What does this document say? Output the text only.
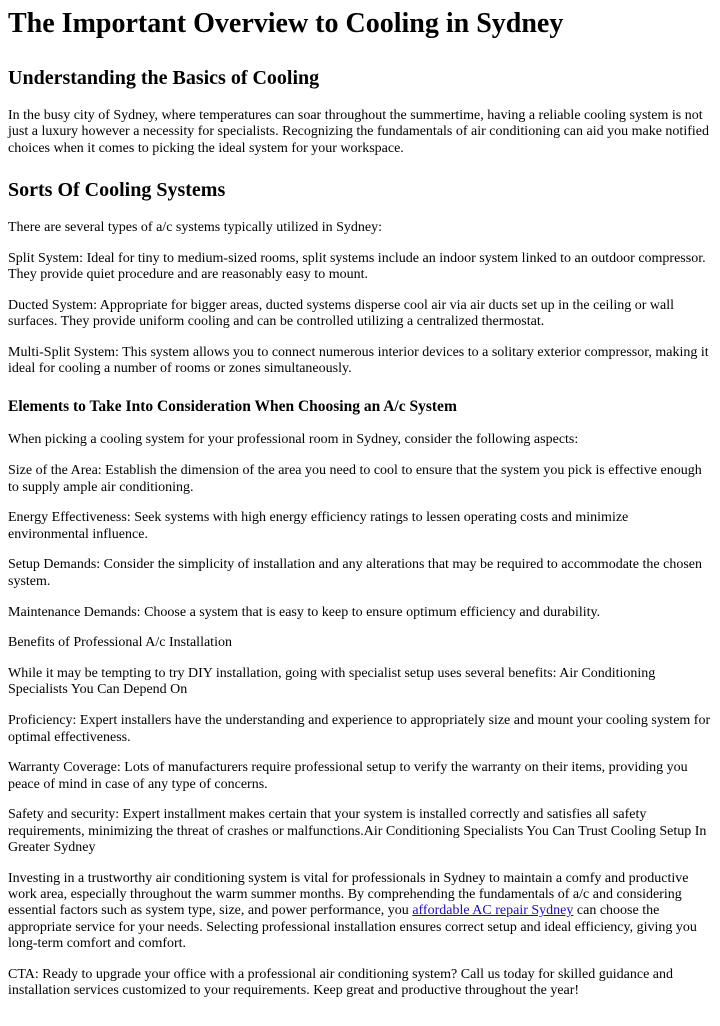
The Important Overview to Cooling in Sydney
Understanding the Basics of Cooling

In the busy city of Sydney, where temperatures can soar throughout the summertime, having a reliable cooling system is not just a luxury however a necessity for specialists. Recognizing the fundamentals of air conditioning can aid you make notified choices when it comes to picking the ideal system for your workspace.

Sorts Of Cooling Systems

There are several types of a/c systems typically utilized in Sydney:

Split System: Ideal for tiny to medium-sized rooms, split systems include an indoor system linked to an outdoor compressor. They provide quiet procedure and are reasonably easy to mount.

Ducted System: Appropriate for bigger areas, ducted systems disperse cool air via air ducts set up in the ceiling or wall surfaces. They provide uniform cooling and can be controlled utilizing a centralized thermostat.

Multi-Split System: This system allows you to connect numerous interior devices to a solitary exterior compressor, making it ideal for cooling a number of rooms or zones simultaneously.

Elements to Take Into Consideration When Choosing an A/c System

When picking a cooling system for your professional room in Sydney, consider the following aspects:

Size of the Area: Establish the dimension of the area you need to cool to ensure that the system you pick is effective enough to supply ample air conditioning.

Energy Effectiveness: Seek systems with high energy efficiency ratings to lessen operating costs and minimize environmental influence.

Setup Demands: Consider the simplicity of installation and any alterations that may be required to accommodate the chosen system.

Maintenance Demands: Choose a system that is easy to keep to ensure optimum efficiency and durability.

Benefits of Professional A/c Installation

While it may be tempting to try DIY installation, going with specialist setup uses several benefits: Air Conditioning Specialists You Can Depend On

Proficiency: Expert installers have the understanding and experience to appropriately size and mount your cooling system for optimal effectiveness.

Warranty Coverage: Lots of manufacturers require professional setup to verify the warranty on their items, providing you peace of mind in case of any type of concerns.

Safety and security: Expert installment makes certain that your system is installed correctly and satisfies all safety requirements, minimizing the threat of crashes or malfunctions.Air Conditioning Specialists You Can Trust Cooling Setup In Greater Sydney

Investing in a trustworthy air conditioning system is vital for professionals in Sydney to maintain a comfy and productive work area, especially throughout the warm summer months. By comprehending the fundamentals of a/c and considering essential factors such as system type, size, and power performance, you affordable AC repair Sydney can choose the appropriate service for your needs. Selecting professional installation ensures correct setup and ideal efficiency, giving you long-term comfort and comfort.

CTA: Ready to upgrade your office with a professional air conditioning system? Call us today for skilled guidance and installation services customized to your requirements. Keep great and productive throughout the year!
